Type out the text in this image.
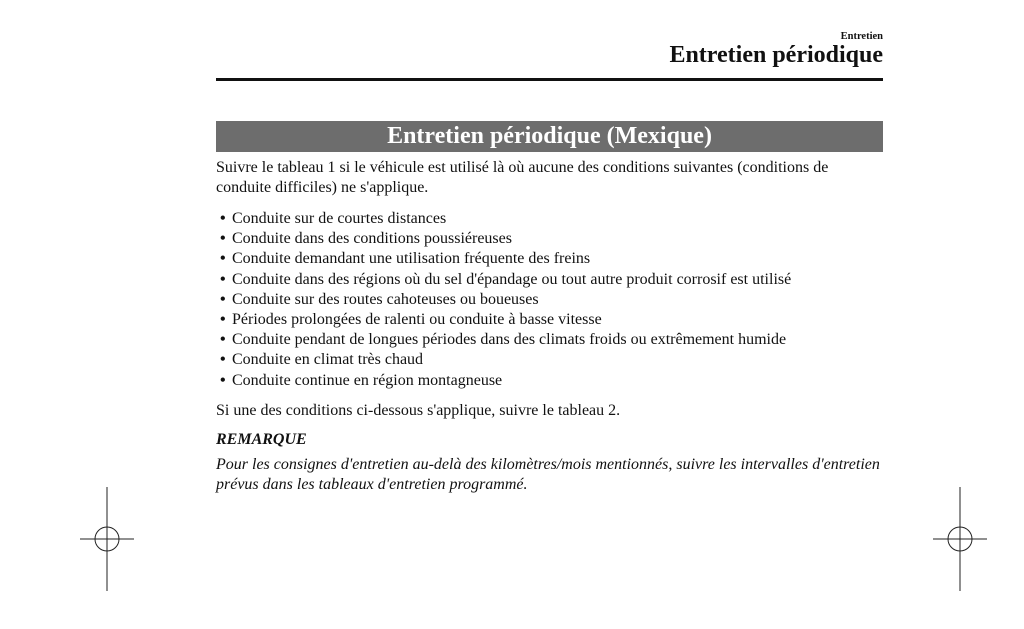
Entretien
Entretien périodique
Entretien périodique (Mexique)
Suivre le tableau 1 si le véhicule est utilisé là où aucune des conditions suivantes (conditions de conduite difficiles) ne s'applique.
• Conduite sur de courtes distances
• Conduite dans des conditions poussiéreuses
• Conduite demandant une utilisation fréquente des freins
• Conduite dans des régions où du sel d'épandage ou tout autre produit corrosif est utilisé
• Conduite sur des routes cahoteuses ou boueuses
• Périodes prolongées de ralenti ou conduite à basse vitesse
• Conduite pendant de longues périodes dans des climats froids ou extrêmement humide
• Conduite en climat très chaud
• Conduite continue en région montagneuse
Si une des conditions ci-dessous s'applique, suivre le tableau 2.
REMARQUE
Pour les consignes d'entretien au-delà des kilomètres/mois mentionnés, suivre les intervalles d'entretien prévus dans les tableaux d'entretien programmé.
